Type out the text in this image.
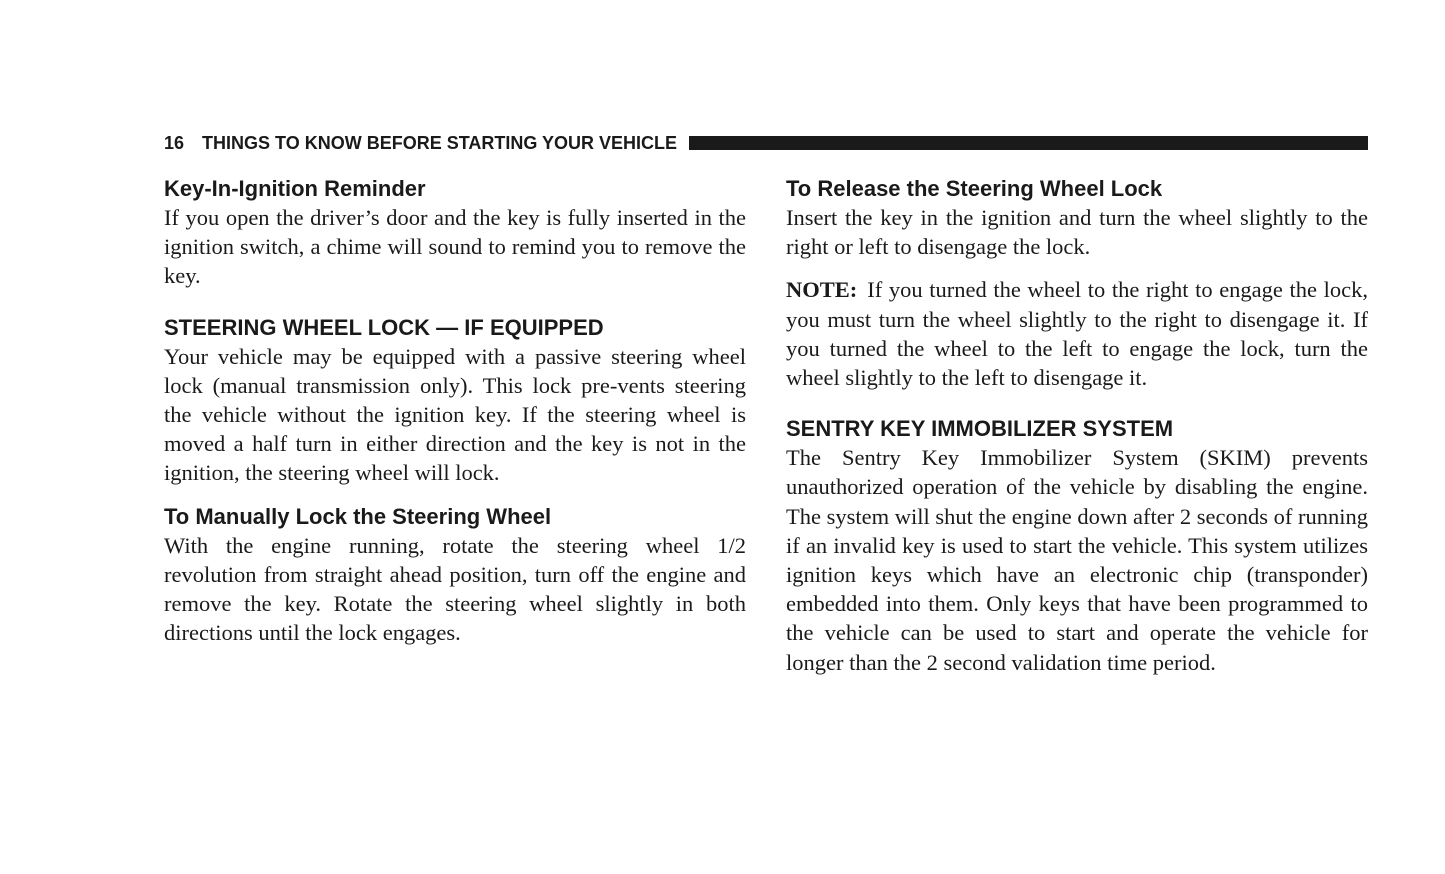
16 THINGS TO KNOW BEFORE STARTING YOUR VEHICLE
Key-In-Ignition Reminder

If you open the driver’s door and the key is fully inserted in the ignition switch, a chime will sound to remind you to remove the key.

STEERING WHEEL LOCK — IF EQUIPPED

Your vehicle may be equipped with a passive steering wheel lock (manual transmission only). This lock pre-vents steering the vehicle without the ignition key. If the steering wheel is moved a half turn in either direction and the key is not in the ignition, the steering wheel will lock.

To Manually Lock the Steering Wheel

With the engine running, rotate the steering wheel 1/2 revolution from straight ahead position, turn off the engine and remove the key. Rotate the steering wheel slightly in both directions until the lock engages.

To Release the Steering Wheel Lock

Insert the key in the ignition and turn the wheel slightly to the right or left to disengage the lock.

NOTE: If you turned the wheel to the right to engage the lock, you must turn the wheel slightly to the right to disengage it. If you turned the wheel to the left to engage the lock, turn the wheel slightly to the left to disengage it.

SENTRY KEY IMMOBILIZER SYSTEM

The Sentry Key Immobilizer System (SKIM) prevents unauthorized operation of the vehicle by disabling the engine. The system will shut the engine down after 2 seconds of running if an invalid key is used to start the vehicle. This system utilizes ignition keys which have an electronic chip (transponder) embedded into them. Only keys that have been programmed to the vehicle can be used to start and operate the vehicle for longer than the 2 second validation time period.
